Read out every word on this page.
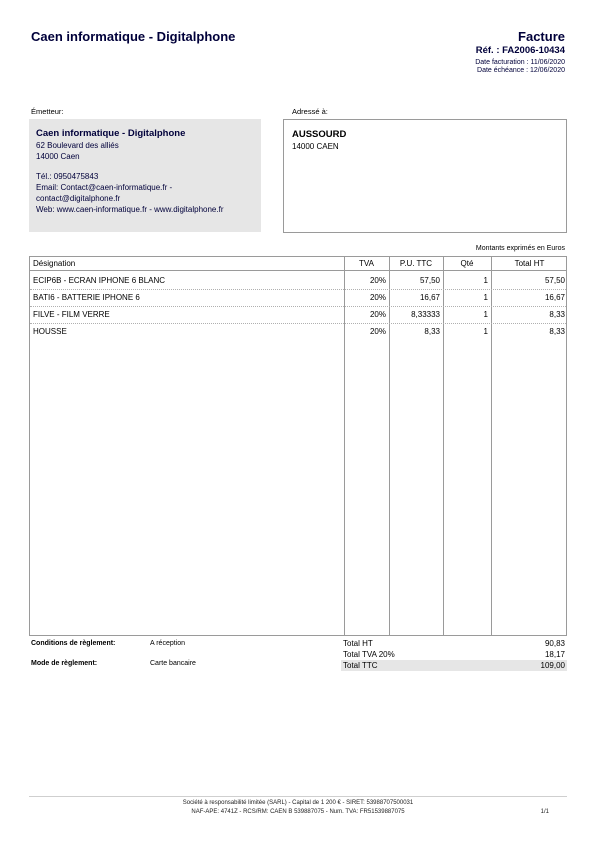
Caen informatique - Digitalphone	Facture
Réf. : FA2006-10434
Date facturation : 11/06/2020
Date échéance : 12/06/2020
Émetteur:
Caen informatique - Digitalphone
62 Boulevard des alliés
14000 Caen
Tél.: 0950475843
Email: Contact@caen-informatique.fr -
contact@digitalphone.fr
Web: www.caen-informatique.fr - www.digitalphone.fr
Adressé à:
AUSSOURD
14000 CAEN
Montants exprimés en Euros
Désignation	TVA	P.U. TTC	Qté	Total HT
ECIP6B - ECRAN IPHONE 6 BLANC	20%	57,50	1	57,50
BATI6 - BATTERIE IPHONE 6	20%	16,67	1	16,67
FILVE - FILM VERRE	20%	8,33333	1	8,33
HOUSSE	20%	8,33	1	8,33
Conditions de règlement:	A réception
Mode de règlement:	Carte bancaire
Total HT	90,83
Total TVA 20%	18,17
Total TTC	109,00
Société à responsabilité limitée (SARL) - Capital de 1 200 € - SIRET: 53988707500031
NAF-APE: 4741Z - RCS/RM: CAEN B 539887075 - Num. TVA: FR51539887075	1/1
